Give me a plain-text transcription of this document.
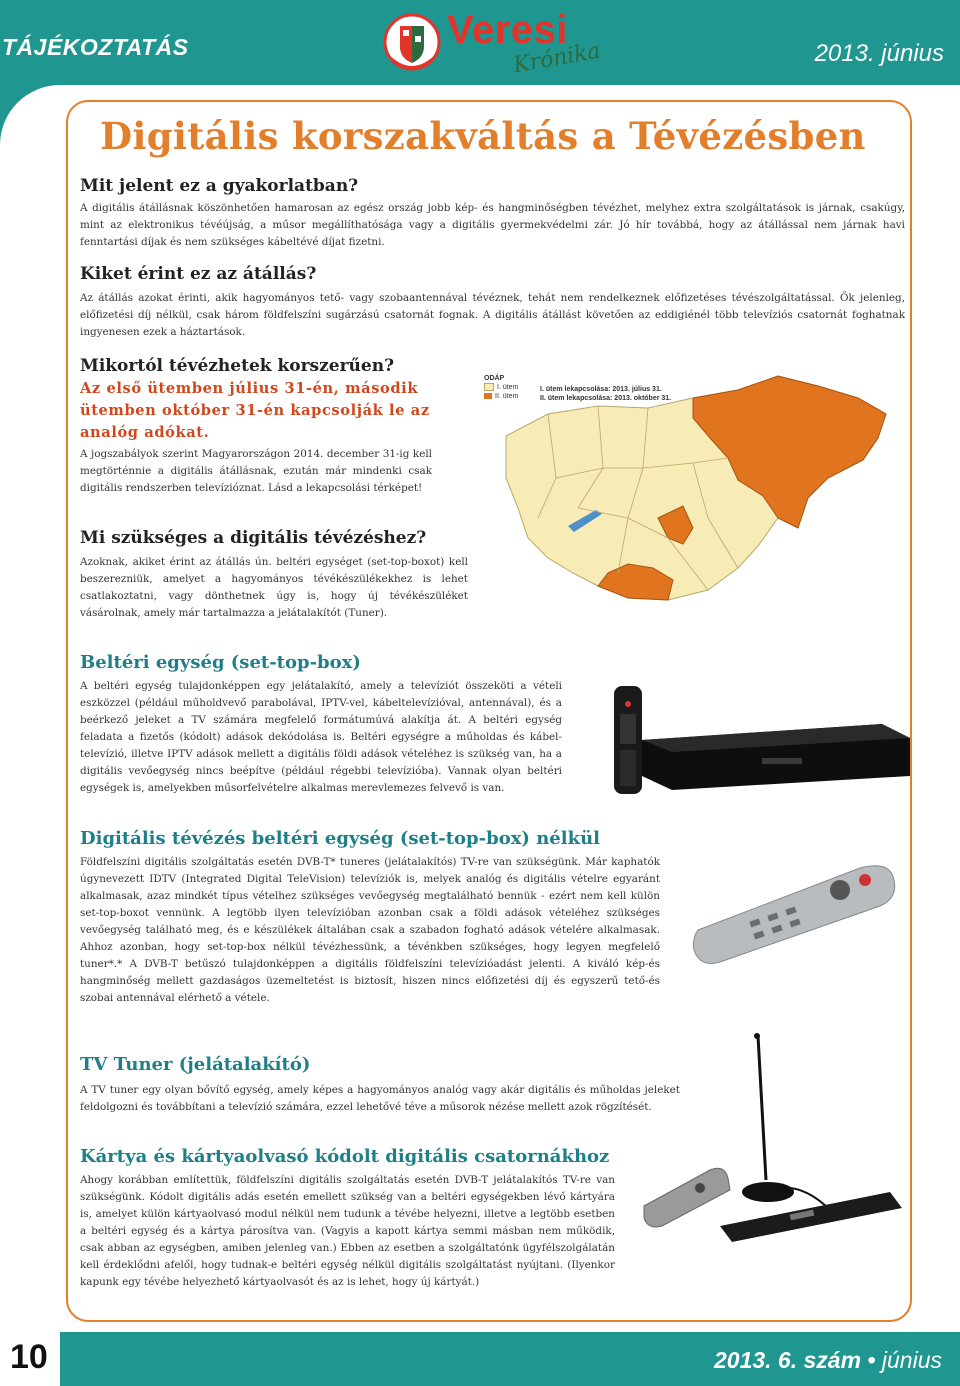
TÁJÉKOZTATÁS	2013. június
Veresi
Krónika
Digitális korszakváltás a Tévézésben
Mit jelent ez a gyakorlatban?

A digitális átállásnak köszönhetően hamarosan az egész ország jobb kép- és hangminőségben tévézhet, melyhez extra szolgáltatások is járnak, csakúgy, mint az elektronikus tévéújság, a műsor megállíthatósága vagy a digitális gyermekvédelmi zár. Jó hír továbbá, hogy az átállással nem járnak havi fenntartási díjak és nem szükséges kábeltévé díjat fizetni.

Kiket érint ez az átállás?

Az átállás azokat érinti, akik hagyományos tető- vagy szobaantennával tévéznek, tehát nem rendelkeznek előfizetéses tévészolgáltatással. Ők jelenleg, előfizetési díj nélkül, csak három földfelszíni sugárzású csatornát fognak. A digitális átállást követően az eddigiénél több televíziós csatornát foghatnak ingyenesen ezek a háztartások.

Mikortól tévézhetek korszerűen?
Az első ütemben július 31-én, második ütemben október 31-én kapcsolják le az analóg adókat.

A jogszabályok szerint Magyarországon 2014. december 31-ig kell megtörténnie a digitális átállásnak, ezután már mindenki csak digitális rendszerben televízióznat. Lásd a lekapcsolási térképet!

Mi szükséges a digitális tévézéshez?

Azoknak, akiket érint az átállás ún. beltéri egységet (set-top-boxot) kell beszerezniük, amelyet a hagyományos tévékészülékekhez is lehet csatlakoztatni, vagy dönthetnek úgy is, hogy új tévékészüléket vásárolnak, amely már tartalmazza a jelátalakítót (Tuner).

ODÁP
I. ütem
II. ütem
I. ütem lekapcsolása: 2013. július 31.
II. ütem lekapcsolása: 2013. október 31.
Beltéri egység (set-top-box)

A beltéri egység tulajdonképpen egy jelátalakító, amely a televíziót összeköti a vételi eszközzel (például műholdvevő parabolával, IPTV-vel, kábeltelevízióval, antennával), és a beérkező jeleket a TV számára megfelelő formátumúvá alakítja át. A beltéri egység feladata a fizetős (kódolt) adások dekódolása is. Beltéri egységre a műholdas és kábel-televízió, illetve IPTV adások mellett a digitális földi adások vételéhez is szükség van, ha a digitális vevőegység nincs beépítve (például régebbi televízióba). Vannak olyan beltéri egységek is, amelyekben műsorfelvételre alkalmas merevlemezes felvevő is van.

Digitális tévézés beltéri egység (set-top-box) nélkül

Földfelszíni digitális szolgáltatás esetén DVB-T* tuneres (jelátalakítós) TV-re van szükségünk. Már kaphatók úgynevezett IDTV (Integrated Digital TeleVision) televíziók is, melyek analóg és digitális vételre egyaránt alkalmasak, azaz mindkét típus vételhez szükséges vevőegység megtalálható bennük - ezért nem kell külön set-top-boxot vennünk. A legtöbb ilyen televízióban azonban csak a földi adások vételéhez szükséges vevőegység található meg, és e készülékek általában csak a szabadon fogható adások vételére alkalmasak. Ahhoz azonban, hogy set-top-box nélkül tévézhessünk, a tévénkben szükséges, hogy legyen megfelelő tuner*.* A DVB-T betűszó tulajdonképpen a digitális földfelszíni televízióadást jelenti. A kiváló kép-és hangminőség mellett gazdaságos üzemeltetést is biztosít, hiszen nincs előfizetési díj és egyszerű tető-és szobai antennával elérhető a vétele.

TV Tuner (jelátalakító)

A TV tuner egy olyan bővítő egység, amely képes a hagyományos analóg vagy akár digitális és műholdas jeleket feldolgozni és továbbítani a televízió számára, ezzel lehetővé téve a műsorok nézése mellett azok rögzítését.

Kártya és kártyaolvasó kódolt digitális csatornákhoz

Ahogy korábban említettük, földfelszíni digitális szolgáltatás esetén DVB-T jelátalakítós TV-re van szükségünk. Kódolt digitális adás esetén emellett szükség van a beltéri egységekben lévő kártyára is, amelyet külön kártyaolvasó modul nélkül nem tudunk a tévébe helyezni, illetve a legtöbb esetben a beltéri egység és a kártya párosítva van. (Vagyis a kapott kártya semmi másban nem működik, csak abban az egységben, amiben jelenleg van.) Ebben az esetben a szolgáltatónk ügyfélszolgálatán kell érdeklődni afelől, hogy tudnak-e beltéri egység nélkül digitális szolgáltatást nyújtani. (Ilyenkor kapunk egy tévébe helyezhető kártyaolvasót és az is lehet, hogy új kártyát.)

10	2013. 6. szám • június
